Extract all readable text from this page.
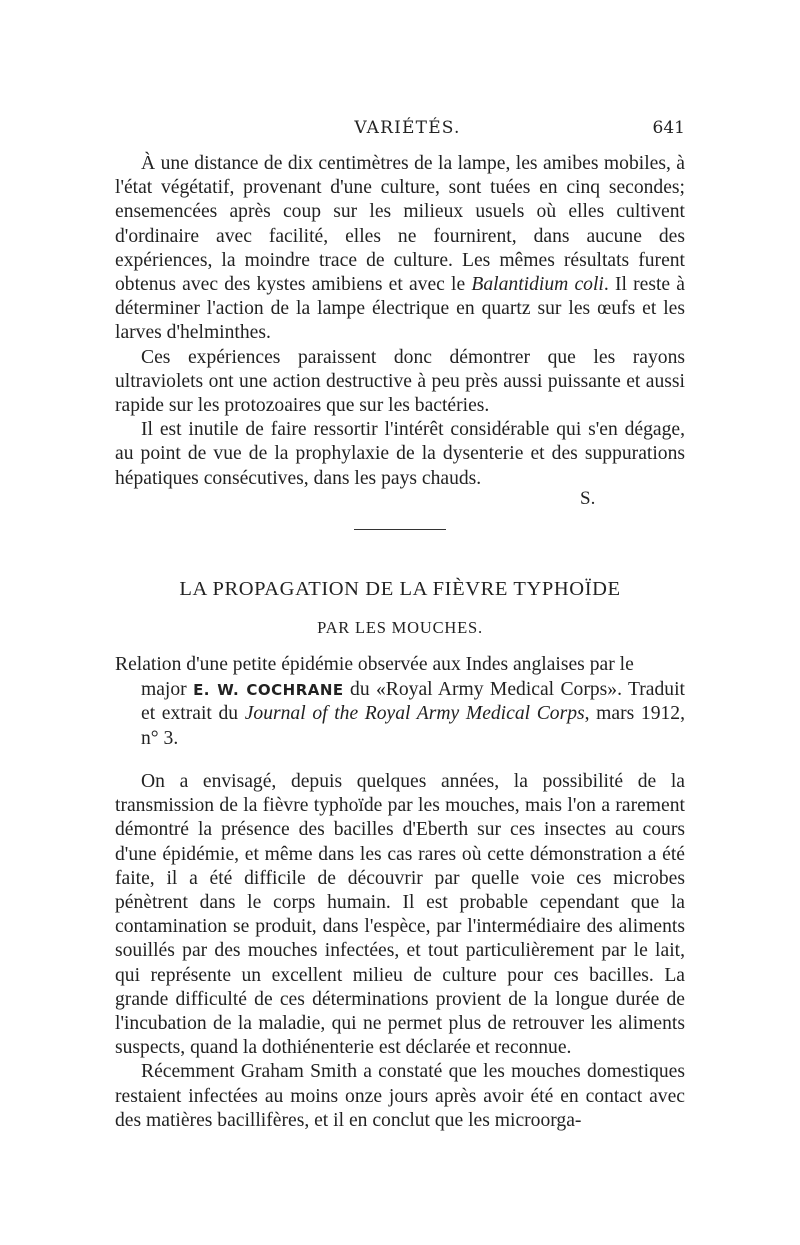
VARIÉTÉS.	641

À une distance de dix centimètres de la lampe, les amibes mobiles, à l'état végétatif, provenant d'une culture, sont tuées en cinq secondes; ensemencées après coup sur les milieux usuels où elles cultivent d'ordinaire avec facilité, elles ne fournirent, dans aucune des expériences, la moindre trace de culture. Les mêmes résultats furent obtenus avec des kystes amibiens et avec le Balantidium coli. Il reste à déterminer l'action de la lampe électrique en quartz sur les œufs et les larves d'helminthes.

Ces expériences paraissent donc démontrer que les rayons ultraviolets ont une action destructive à peu près aussi puissante et aussi rapide sur les protozoaires que sur les bactéries.

Il est inutile de faire ressortir l'intérêt considérable qui s'en dégage, au point de vue de la prophylaxie de la dysenterie et des suppurations hépatiques consécutives, dans les pays chauds.

S.
LA PROPAGATION DE LA FIÈVRE TYPHOÏDE
PAR LES MOUCHES.
Relation d'une petite épidémie observée aux Indes anglaises par le
major E. W. COCHRANE du «Royal Army Medical Corps». Traduit et extrait du Journal of the Royal Army Medical Corps, mars 1912, n° 3.

On a envisagé, depuis quelques années, la possibilité de la transmission de la fièvre typhoïde par les mouches, mais l'on a rarement démontré la présence des bacilles d'Eberth sur ces insectes au cours d'une épidémie, et même dans les cas rares où cette démonstration a été faite, il a été difficile de découvrir par quelle voie ces microbes pénètrent dans le corps humain. Il est probable cependant que la contamination se produit, dans l'espèce, par l'intermédiaire des aliments souillés par des mouches infectées, et tout particulièrement par le lait, qui représente un excellent milieu de culture pour ces bacilles. La grande difficulté de ces déterminations provient de la longue durée de l'incubation de la maladie, qui ne permet plus de retrouver les aliments suspects, quand la dothiénenterie est déclarée et reconnue.

Récemment Graham Smith a constaté que les mouches domestiques restaient infectées au moins onze jours après avoir été en contact avec des matières bacillifères, et il en conclut que les microorga-
